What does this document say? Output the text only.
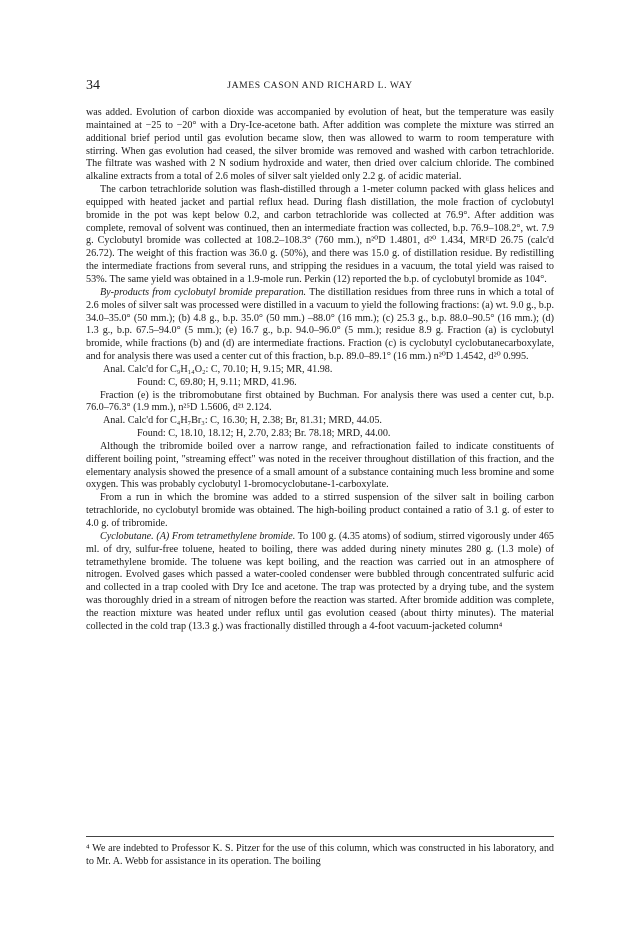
34	JAMES CASON AND RICHARD L. WAY

was added. Evolution of carbon dioxide was accompanied by evolution of heat, but the temperature was easily maintained at −25 to −20° with a Dry-Ice-acetone bath. After addition was complete the mixture was stirred an additional brief period until gas evolution became slow, then was allowed to warm to room temperature with stirring. When gas evolution had ceased, the silver bromide was removed and washed with carbon tetrachloride. The filtrate was washed with 2 N sodium hydroxide and water, then dried over calcium chloride. The combined alkaline extracts from a total of 2.6 moles of silver salt yielded only 2.2 g. of acidic material.

The carbon tetrachloride solution was flash-distilled through a 1-meter column packed with glass helices and equipped with heated jacket and partial reflux head. During flash distillation, the mole fraction of cyclobutyl bromide in the pot was kept below 0.2, and carbon tetrachloride was collected at 76.9°. After addition was complete, removal of solvent was continued, then an intermediate fraction was collected, b.p. 76.9–108.2°, wt. 7.9 g. Cyclobutyl bromide was collected at 108.2–108.3° (760 mm.), n²⁰D 1.4801, d²⁰ 1.434, MRᴱD 26.75 (calc'd 26.72). The weight of this fraction was 36.0 g. (50%), and there was 15.0 g. of distillation residue. By redistilling the intermediate fractions from several runs, and stripping the residues in a vacuum, the total yield was raised to 53%. The same yield was obtained in a 1.9-mole run. Perkin (12) reported the b.p. of cyclobutyl bromide as 104°.

By-products from cyclobutyl bromide preparation. The distillation residues from three runs in which a total of 2.6 moles of silver salt was processed were distilled in a vacuum to yield the following fractions: (a) wt. 9.0 g., b.p. 34.0–35.0° (50 mm.); (b) 4.8 g., b.p. 35.0° (50 mm.) –88.0° (16 mm.); (c) 25.3 g., b.p. 88.0–90.5° (16 mm.); (d) 1.3 g., b.p. 67.5–94.0° (5 mm.); (e) 16.7 g., b.p. 94.0–96.0° (5 mm.); residue 8.9 g. Fraction (a) is cyclobutyl bromide, while fractions (b) and (d) are intermediate fractions. Fraction (c) is cyclobutyl cyclobutanecarboxylate, and for analysis there was used a center cut of this fraction, b.p. 89.0–89.1° (16 mm.) n²⁰D 1.4542, d²⁰ 0.995.

Anal. Calc'd for C₉H₁₄O₂: C, 70.10; H, 9.15; MR, 41.98.

Found: C, 69.80; H, 9.11; MRD, 41.96.

Fraction (e) is the tribromobutane first obtained by Buchman. For analysis there was used a center cut, b.p. 76.0–76.3° (1.9 mm.), n²⁵D 1.5606, d²¹ 2.124.

Anal. Calc'd for C₄H₇Br₃: C, 16.30; H, 2.38; Br, 81.31; MRD, 44.05.

Found: C, 18.10, 18.12; H, 2.70, 2.83; Br. 78.18; MRD, 44.00.

Although the tribromide boiled over a narrow range, and refractionation failed to indicate constituents of different boiling point, "streaming effect" was noted in the receiver throughout distillation of this fraction, and the elementary analysis showed the presence of a small amount of a substance containing much less bromine and some oxygen. This was probably cyclobutyl 1-bromocyclobutane-1-carboxylate.

From a run in which the bromine was added to a stirred suspension of the silver salt in boiling carbon tetrachloride, no cyclobutyl bromide was obtained. The high-boiling product contained a ratio of 3.1 g. of ester to 4.0 g. of tribromide.

Cyclobutane. (A) From tetramethylene bromide. To 100 g. (4.35 atoms) of sodium, stirred vigorously under 465 ml. of dry, sulfur-free toluene, heated to boiling, there was added during ninety minutes 280 g. (1.3 mole) of tetramethylene bromide. The toluene was kept boiling, and the reaction was carried out in an atmosphere of nitrogen. Evolved gases which passed a water-cooled condenser were bubbled through concentrated sulfuric acid and collected in a trap cooled with Dry Ice and acetone. The trap was protected by a drying tube, and the system was thoroughly dried in a stream of nitrogen before the reaction was started. After bromide addition was complete, the reaction mixture was heated under reflux until gas evolution ceased (about thirty minutes). The material collected in the cold trap (13.3 g.) was fractionally distilled through a 4-foot vacuum-jacketed column⁴

⁴ We are indebted to Professor K. S. Pitzer for the use of this column, which was constructed in his laboratory, and to Mr. A. Webb for assistance in its operation. The boiling
